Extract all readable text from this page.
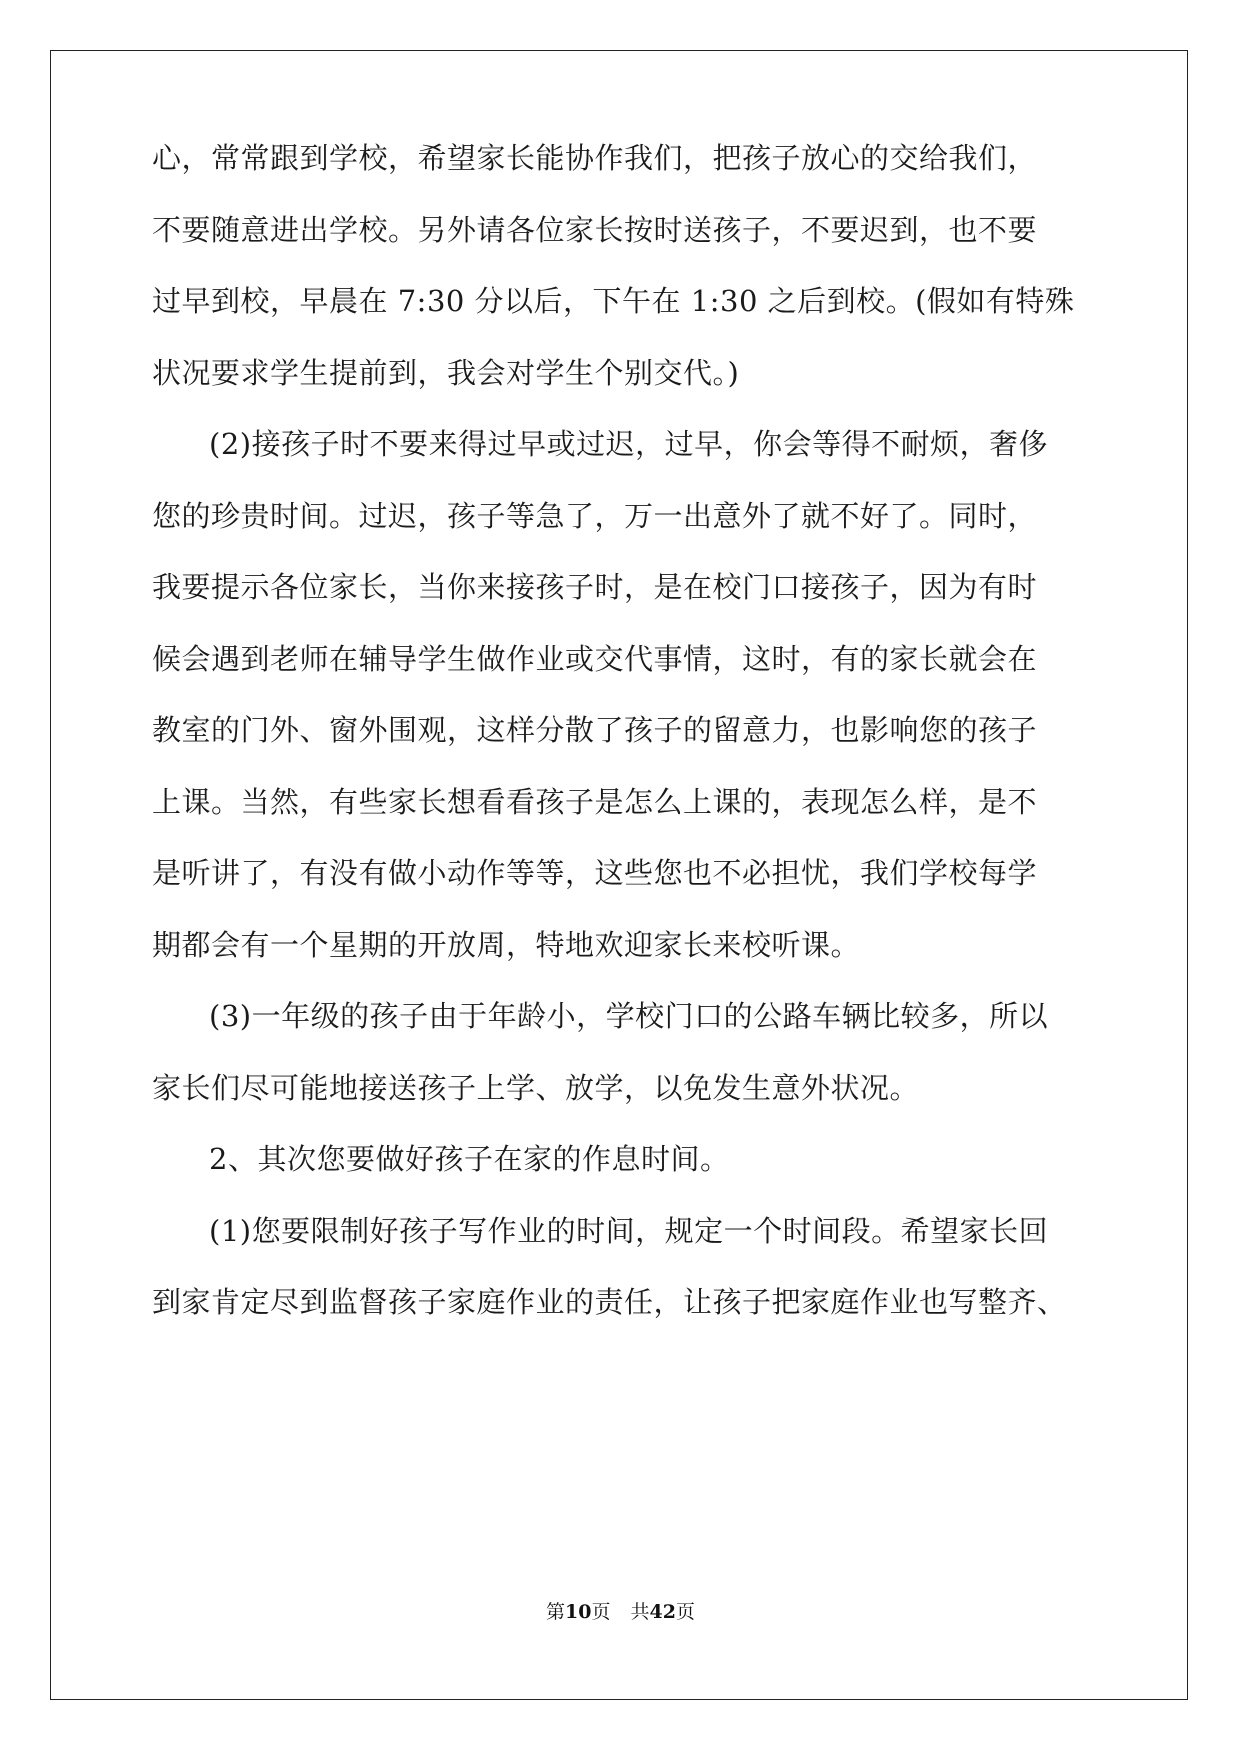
心，常常跟到学校，希望家长能协作我们，把孩子放心的交给我们，
不要随意进出学校。另外请各位家长按时送孩子，不要迟到，也不要
过早到校，早晨在 7:30 分以后，下午在 1:30 之后到校。(假如有特殊
状况要求学生提前到，我会对学生个别交代。)
(2)接孩子时不要来得过早或过迟，过早，你会等得不耐烦，奢侈
您的珍贵时间。过迟，孩子等急了，万一出意外了就不好了。同时，
我要提示各位家长，当你来接孩子时，是在校门口接孩子，因为有时
候会遇到老师在辅导学生做作业或交代事情，这时，有的家长就会在
教室的门外、窗外围观，这样分散了孩子的留意力，也影响您的孩子
上课。当然，有些家长想看看孩子是怎么上课的，表现怎么样，是不
是听讲了，有没有做小动作等等，这些您也不必担忧，我们学校每学
期都会有一个星期的开放周，特地欢迎家长来校听课。
(3)一年级的孩子由于年龄小，学校门口的公路车辆比较多，所以
家长们尽可能地接送孩子上学、放学，以免发生意外状况。
2、其次您要做好孩子在家的作息时间。
(1)您要限制好孩子写作业的时间，规定一个时间段。希望家长回
到家肯定尽到监督孩子家庭作业的责任，让孩子把家庭作业也写整齐、
第10页 共42页
